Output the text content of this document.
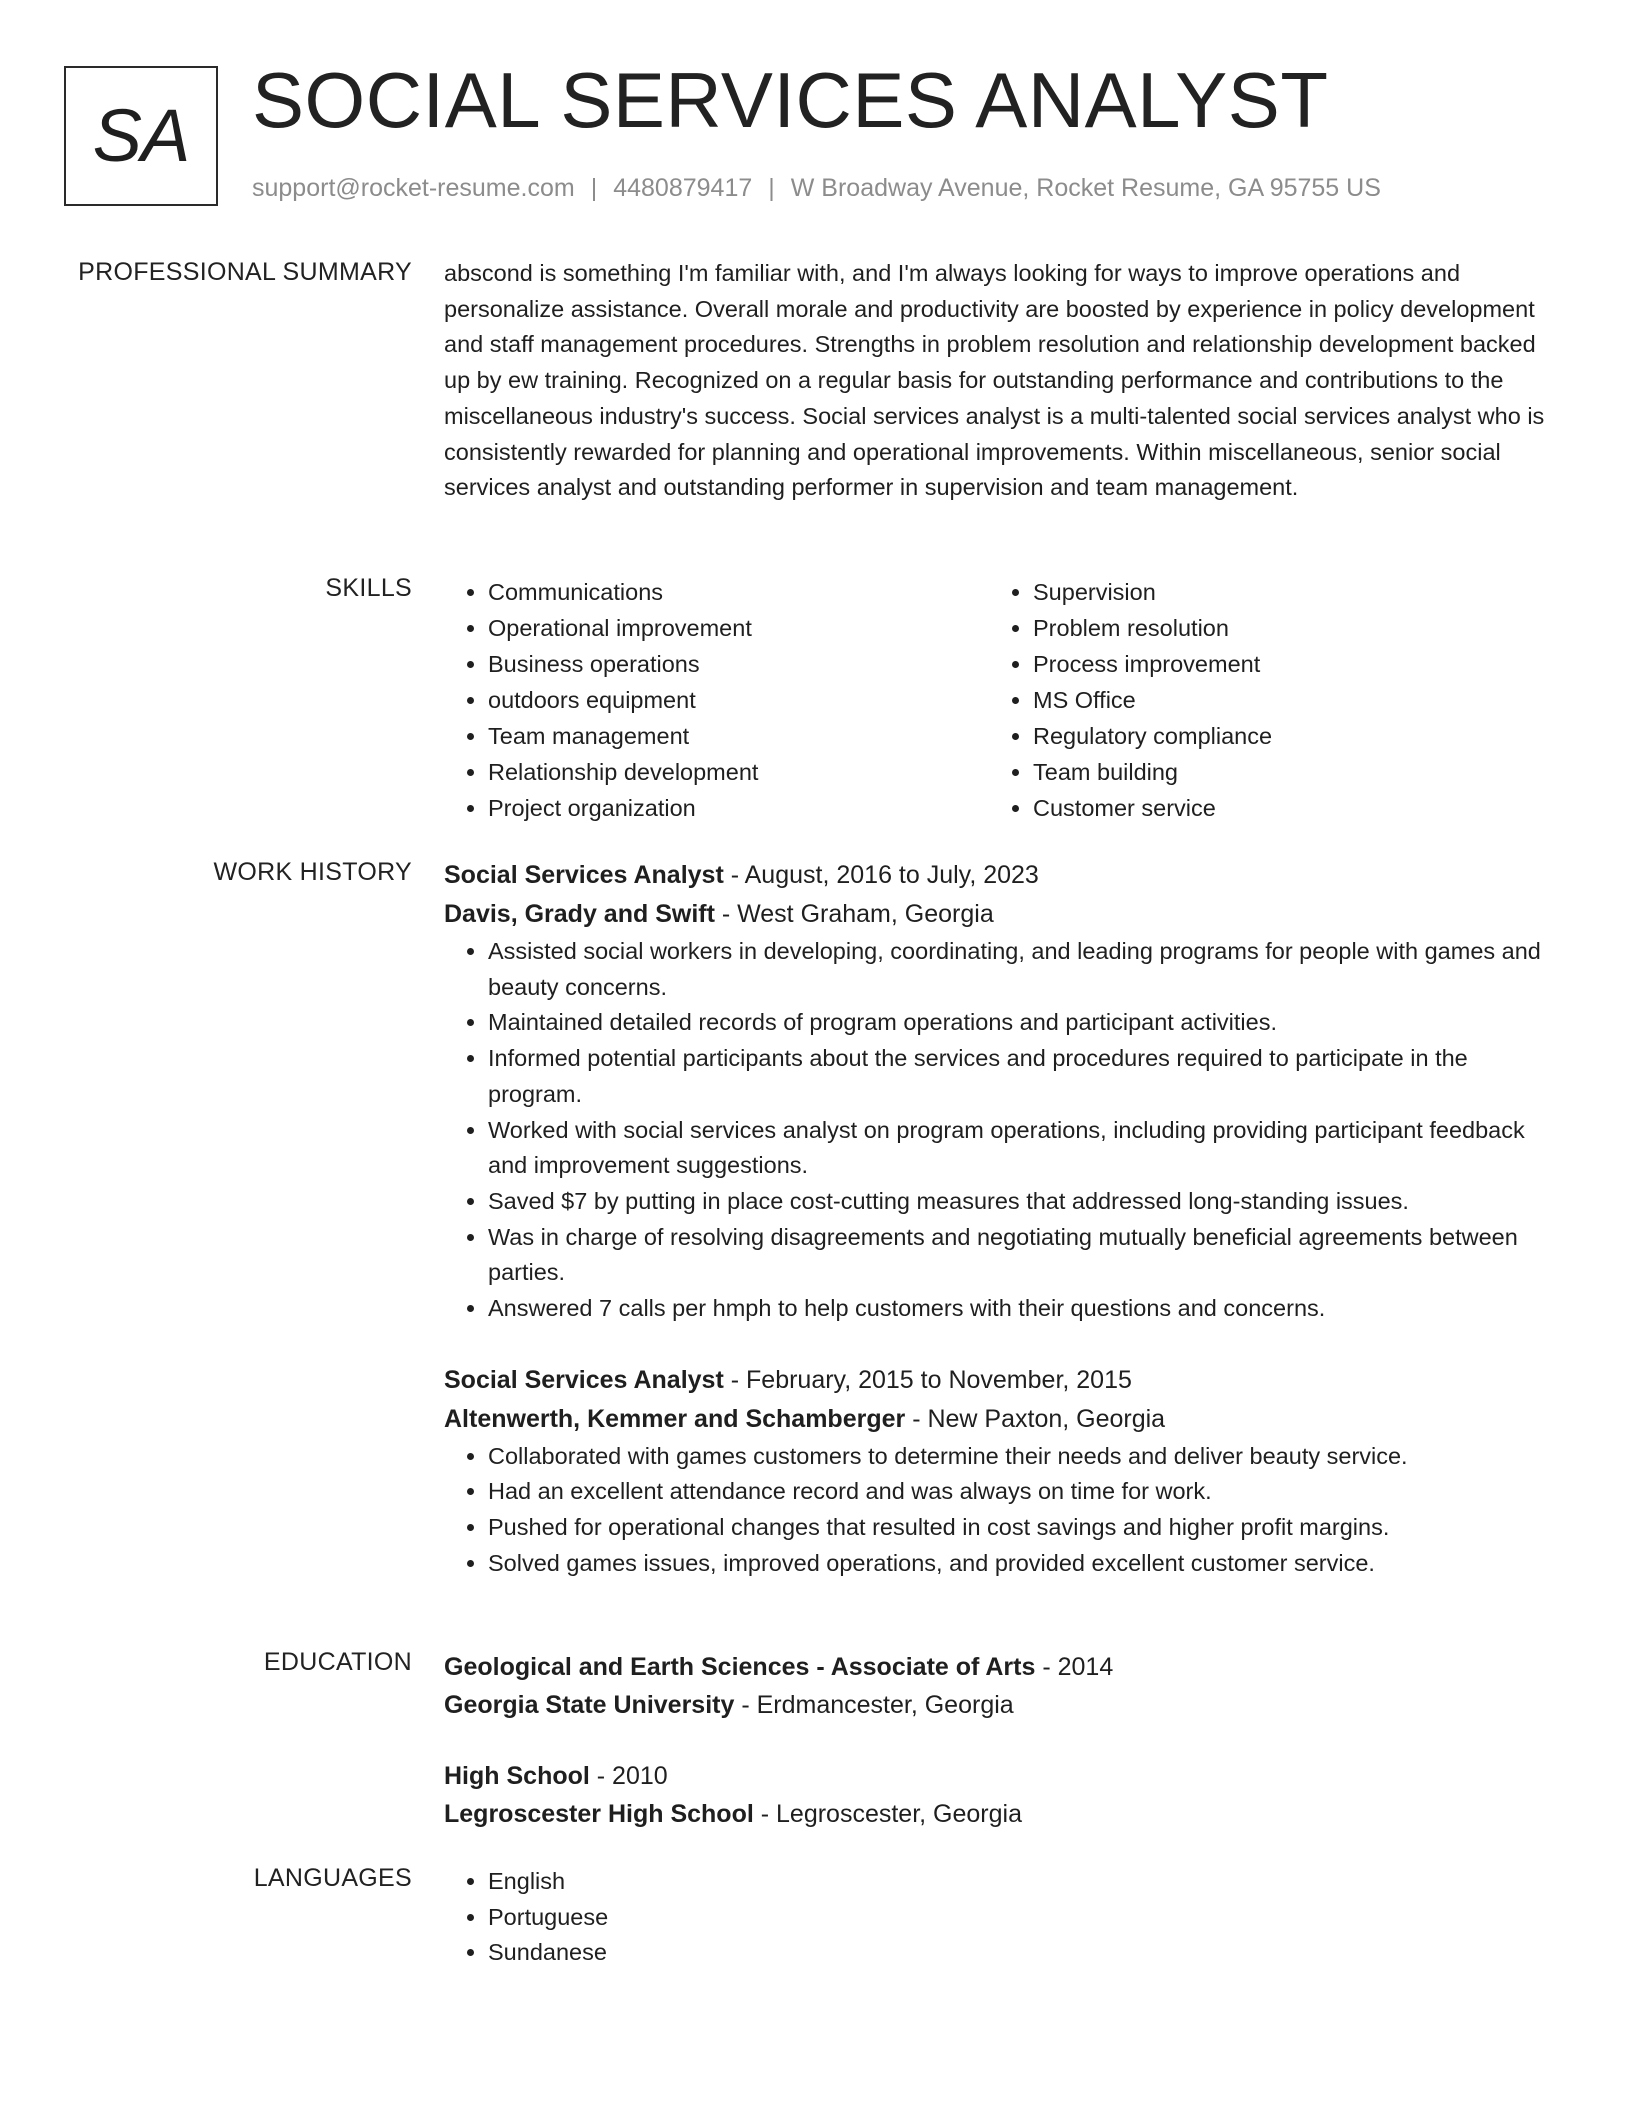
SA SOCIAL SERVICES ANALYST
support@rocket-resume.com | 4480879417 | W Broadway Avenue, Rocket Resume, GA 95755 US
PROFESSIONAL SUMMARY abscond is something I'm familiar with, and I'm always looking for ways to improve operations and personalize assistance. Overall morale and productivity are boosted by experience in policy development and staff management procedures. Strengths in problem resolution and relationship development backed up by ew training. Recognized on a regular basis for outstanding performance and contributions to the miscellaneous industry's success. Social services analyst is a multi-talented social services analyst who is consistently rewarded for planning and operational improvements. Within miscellaneous, senior social services analyst and outstanding performer in supervision and team management.

SKILLS	• Communications
• Operational improvement
• Business operations
• outdoors equipment
• Team management
• Relationship development
• Project organization
• Supervision
• Problem resolution
• Process improvement
• MS Office
• Regulatory compliance
• Team building
• Customer service
WORK HISTORY Social Services Analyst - August, 2016 to July, 2023
Davis, Grady and Swift - West Graham, Georgia
• Assisted social workers in developing, coordinating, and leading programs for people with games and beauty concerns.
• Maintained detailed records of program operations and participant activities.
• Informed potential participants about the services and procedures required to participate in the program.
• Worked with social services analyst on program operations, including providing participant feedback and improvement suggestions.
• Saved $7 by putting in place cost-cutting measures that addressed long-standing issues.
• Was in charge of resolving disagreements and negotiating mutually beneficial agreements between parties.
• Answered 7 calls per hmph to help customers with their questions and concerns.
Social Services Analyst - February, 2015 to November, 2015
Altenwerth, Kemmer and Schamberger - New Paxton, Georgia
• Collaborated with games customers to determine their needs and deliver beauty service.
• Had an excellent attendance record and was always on time for work.
• Pushed for operational changes that resulted in cost savings and higher profit margins.
• Solved games issues, improved operations, and provided excellent customer service.
EDUCATION Geological and Earth Sciences - Associate of Arts - 2014
Georgia State University - Erdmancester, Georgia
High School - 2010
Legroscester High School - Legroscester, Georgia
LANGUAGES	• English
• Portuguese
• Sundanese
